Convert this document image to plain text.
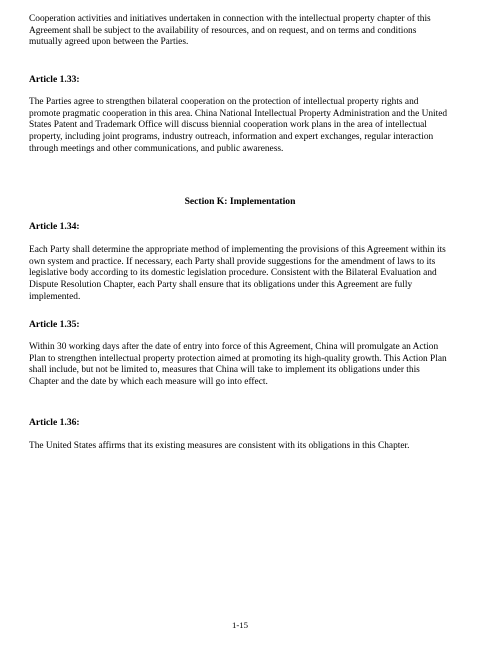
Cooperation activities and initiatives undertaken in connection with the intellectual property chapter of this Agreement shall be subject to the availability of resources, and on request, and on terms and conditions mutually agreed upon between the Parties.

Article 1.33:

The Parties agree to strengthen bilateral cooperation on the protection of intellectual property rights and promote pragmatic cooperation in this area. China National Intellectual Property Administration and the United States Patent and Trademark Office will discuss biennial cooperation work plans in the area of intellectual property, including joint programs, industry outreach, information and expert exchanges, regular interaction through meetings and other communications, and public awareness.

Section K: Implementation

Article 1.34:

Each Party shall determine the appropriate method of implementing the provisions of this Agreement within its own system and practice. If necessary, each Party shall provide suggestions for the amendment of laws to its legislative body according to its domestic legislation procedure. Consistent with the Bilateral Evaluation and Dispute Resolution Chapter, each Party shall ensure that its obligations under this Agreement are fully implemented.

Article 1.35:

Within 30 working days after the date of entry into force of this Agreement, China will promulgate an Action Plan to strengthen intellectual property protection aimed at promoting its high-quality growth. This Action Plan shall include, but not be limited to, measures that China will take to implement its obligations under this Chapter and the date by which each measure will go into effect.

Article 1.36:

The United States affirms that its existing measures are consistent with its obligations in this Chapter.

1-15
